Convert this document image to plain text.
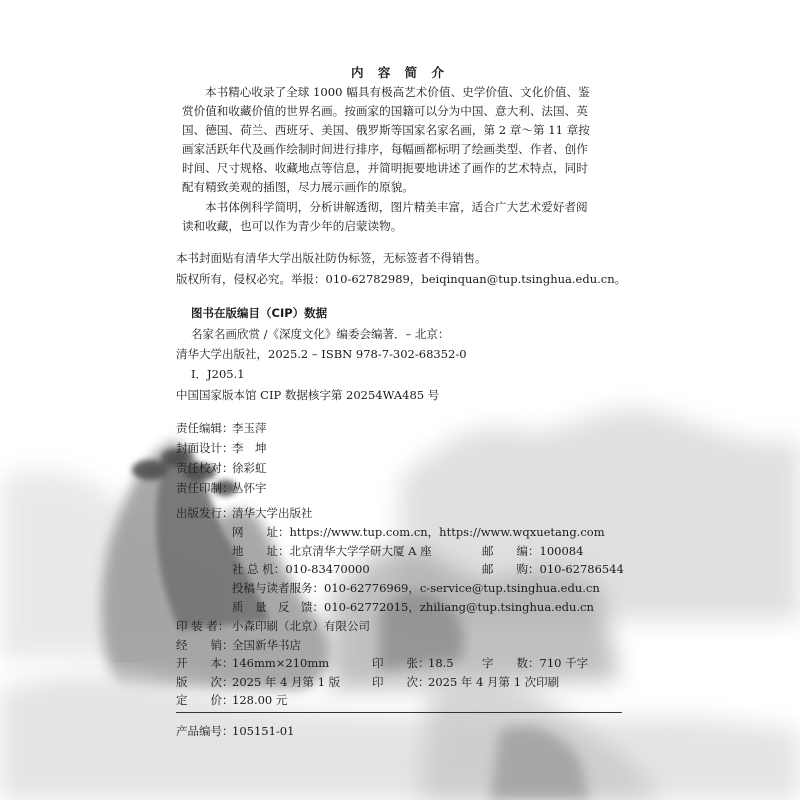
内 容 简 介
本书精心收录了全球 1000 幅具有极高艺术价值、史学价值、文化价值、鉴
赏价值和收藏价值的世界名画。按画家的国籍可以分为中国、意大利、法国、英
国、德国、荷兰、西班牙、美国、俄罗斯等国家名家名画，第 2 章～第 11 章按
画家活跃年代及画作绘制时间进行排序，每幅画都标明了绘画类型、作者、创作
时间、尺寸规格、收藏地点等信息，并简明扼要地讲述了画作的艺术特点，同时
配有精致美观的插图，尽力展示画作的原貌。
本书体例科学简明，分析讲解透彻，图片精美丰富，适合广大艺术爱好者阅
读和收藏，也可以作为青少年的启蒙读物。
本书封面贴有清华大学出版社防伪标签，无标签者不得销售。
版权所有，侵权必究。举报：010-62782989，beiqinquan@tup.tsinghua.edu.cn。
图书在版编目（CIP）数据
名家名画欣赏 /《深度文化》编委会编著．– 北京：
清华大学出版社，2025.2 – ISBN 978-7-302-68352-0
Ⅰ．J205.1
中国国家版本馆 CIP 数据核字第 20254WA485 号
责任编辑：李玉萍
封面设计：李　坤
责任校对：徐彩虹
责任印制：丛怀宇
出版发行：清华大学出版社
网　　址：https://www.tup.com.cn，https://www.wqxuetang.com
地　　址：北京清华大学学研大厦 A 座	邮　　编：100084
社 总 机：010-83470000	邮　　购：010-62786544
投稿与读者服务：010-62776969，c-service@tup.tsinghua.edu.cn
质　量　反　馈：010-62772015，zhiliang@tup.tsinghua.edu.cn
印 装 者： 小森印刷（北京）有限公司
经　　销：全国新华书店
开　　本：146mm×210mm	印　　张：18.5 字　　数：710 千字
版　　次：2025 年 4 月第 1 版	印　　次：2025 年 4 月第 1 次印刷
定　　价：128.00 元
产品编号：105151-01
